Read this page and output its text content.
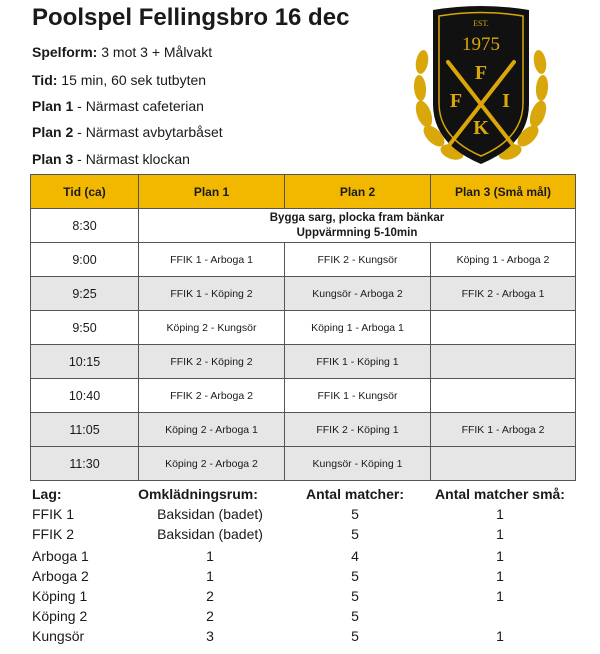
Poolspel Fellingsbro 16 dec
Spelform: 3 mot 3 + Målvakt
Tid: 15 min, 60 sek tutbyten
Plan 1 - Närmast cafeterian
Plan 2 - Närmast avbytarbåset
Plan 3 - Närmast klockan
EST.
1975
F
F I
K
Tid (ca)	Plan 1	Plan 2	Plan 3 (Små mål)
8:30	Bygga sarg, plocka fram bänkar
Uppvärmning 5-10min		

9:00	FFIK 1 - Arboga 1	FFIK 2 - Kungsör	Köping 1 - Arboga 2
9:25	FFIK 1 - Köping 2	Kungsör - Arboga 2	FFIK 2 - Arboga 1
9:50	Köping 2 - Kungsör	Köping 1 - Arboga 1	
10:15	FFIK 2 - Köping 2	FFIK 1 - Köping 1	
10:40	FFIK 2 - Arboga 2	FFIK 1 - Kungsör	
11:05	Köping 2 - Arboga 1	FFIK 2 - Köping 1	FFIK 1 - Arboga 2
11:30	Köping 2 - Arboga 2	Kungsör - Köping 1	
Lag:	Omklädningsrum:	Antal matcher: Antal matcher små:
FFIK 1	Baksidan (badet)	5	1
FFIK 2	Baksidan (badet)	5	1
Arboga 1	1	4	1
Arboga 2	1	5	1
Köping 1	2	5	1
Köping 2	2	5
Kungsör	3	5	1
